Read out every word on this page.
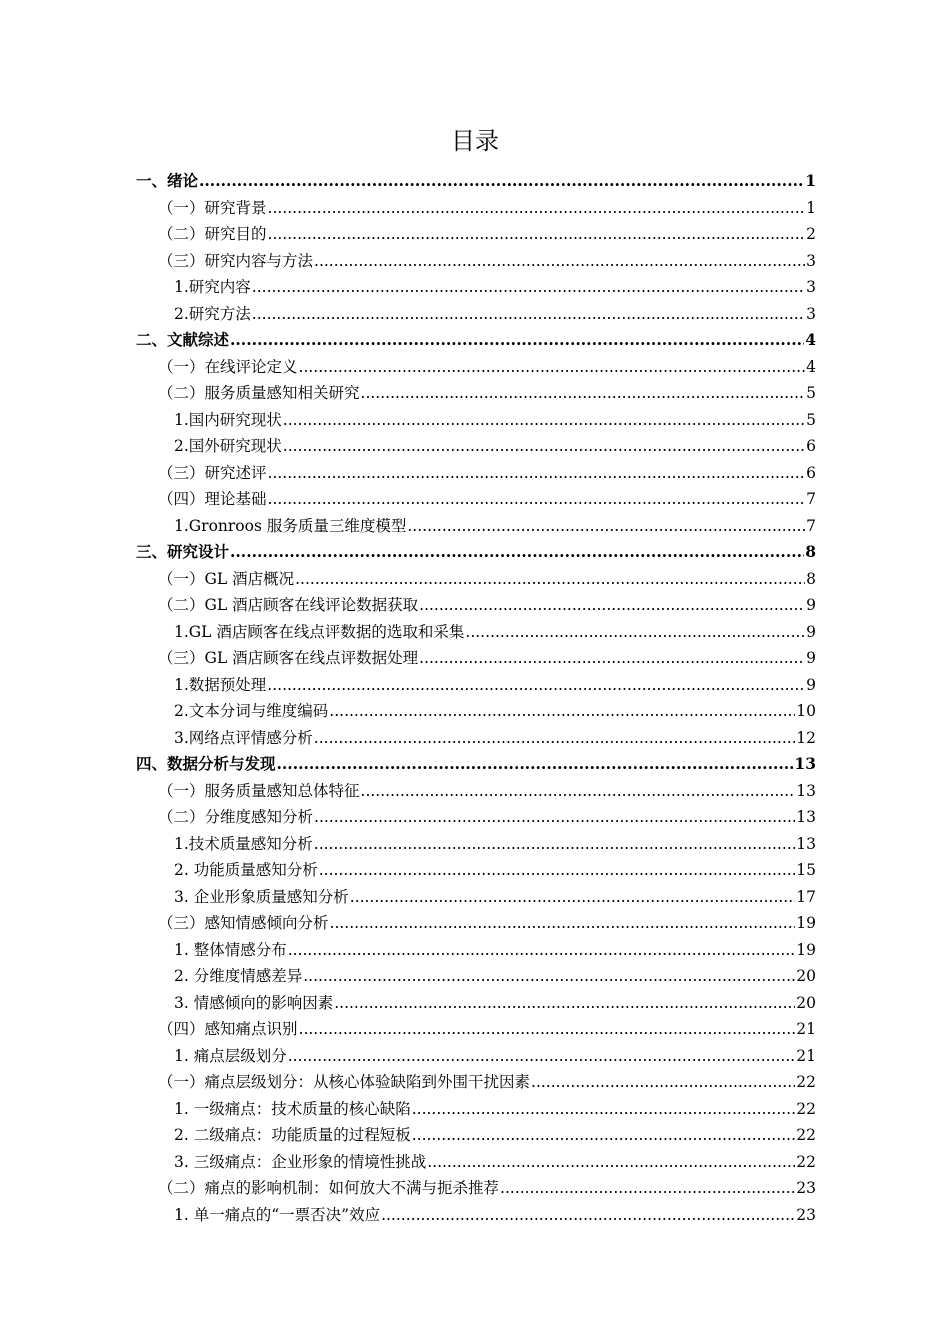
目录
一、绪论 .....	1
（一）研究背景 .....	1
（二）研究目的 .....	2
（三）研究内容与方法 .....	3
1.研究内容 .....	3
2.研究方法 .....	3
二、文献综述 .....	4
（一）在线评论定义 .....	4
（二）服务质量感知相关研究 .....	5
1.国内研究现状 .....	5
2.国外研究现状 .....	6
（三）研究述评 .....	6
（四）理论基础 .....	7
1.Gronroos 服务质量三维度模型 .....	7
三、研究设计 .....	8
（一）GL 酒店概况 .....	8
（二）GL 酒店顾客在线评论数据获取 .....	9
1.GL 酒店顾客在线点评数据的选取和采集 .....	9
（三）GL 酒店顾客在线点评数据处理 .....	9
1.数据预处理 .....	9
2.文本分词与维度编码 .....	10
3.网络点评情感分析 .....	12
四、数据分析与发现 .....	13
（一）服务质量感知总体特征 .....	13
（二）分维度感知分析 .....	13
1.技术质量感知分析 .....	13
2. 功能质量感知分析 .....	15
3. 企业形象质量感知分析 .....	17
（三）感知情感倾向分析 .....	19
1. 整体情感分布 .....	19
2. 分维度情感差异 .....	20
3. 情感倾向的影响因素 .....	20
（四）感知痛点识别 .....	21
1. 痛点层级划分 .....	21
（一）痛点层级划分：从核心体验缺陷到外围干扰因素 .....	22
1. 一级痛点：技术质量的核心缺陷 .....	22
2. 二级痛点：功能质量的过程短板 .....	22
3. 三级痛点：企业形象的情境性挑战 .....	22
（二）痛点的影响机制：如何放大不满与扼杀推荐 .....	23
1. 单一痛点的“一票否决”效应 .....	23
